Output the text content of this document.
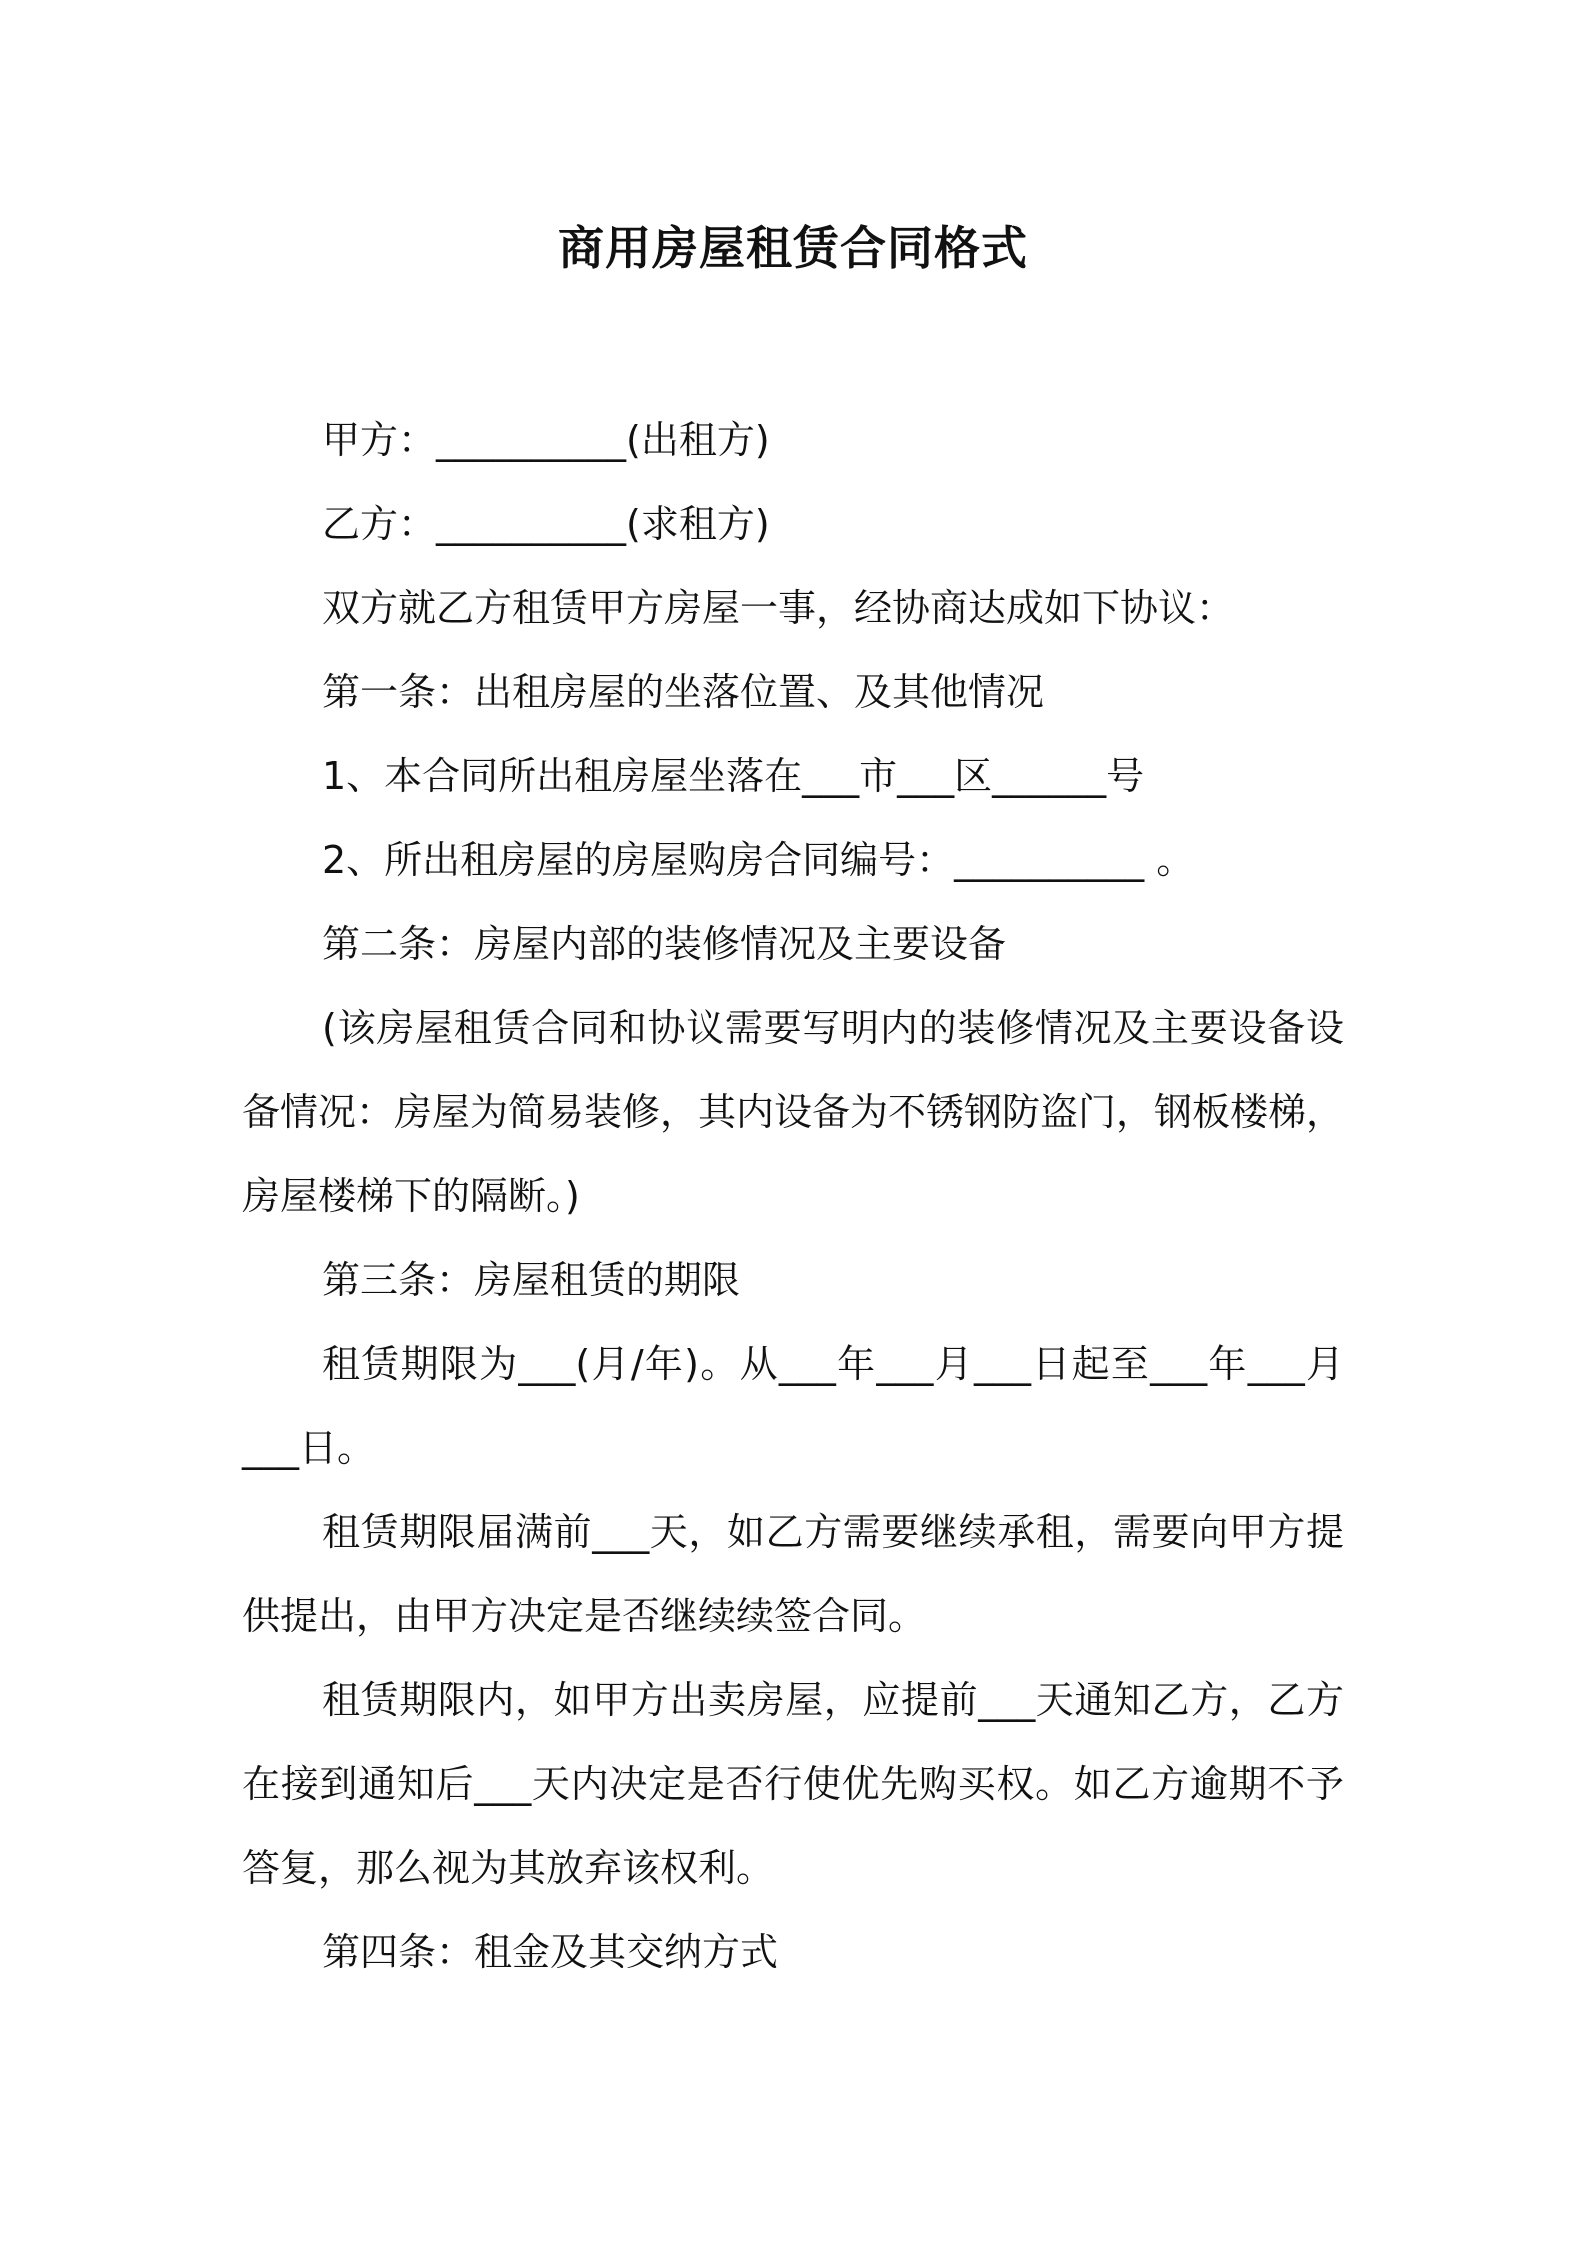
商用房屋租赁合同格式

甲方：__________(出租方)

乙方：__________(求租方)

双方就乙方租赁甲方房屋一事，经协商达成如下协议：

第一条：出租房屋的坐落位置、及其他情况

1、本合同所出租房屋坐落在___市___区______号

2、所出租房屋的房屋购房合同编号：__________ 。

第二条：房屋内部的装修情况及主要设备

(该房屋租赁合同和协议需要写明内的装修情况及主要设备设备情况：房屋为简易装修，其内设备为不锈钢防盗门，钢板楼梯，房屋楼梯下的隔断。)

第三条：房屋租赁的期限

租赁期限为___(月/年)。从___年___月___日起至___年___月___日。

租赁期限届满前___天，如乙方需要继续承租，需要向甲方提供提出，由甲方决定是否继续续签合同。

租赁期限内，如甲方出卖房屋，应提前___天通知乙方，乙方在接到通知后___天内决定是否行使优先购买权。如乙方逾期不予答复，那么视为其放弃该权利。

第四条：租金及其交纳方式
